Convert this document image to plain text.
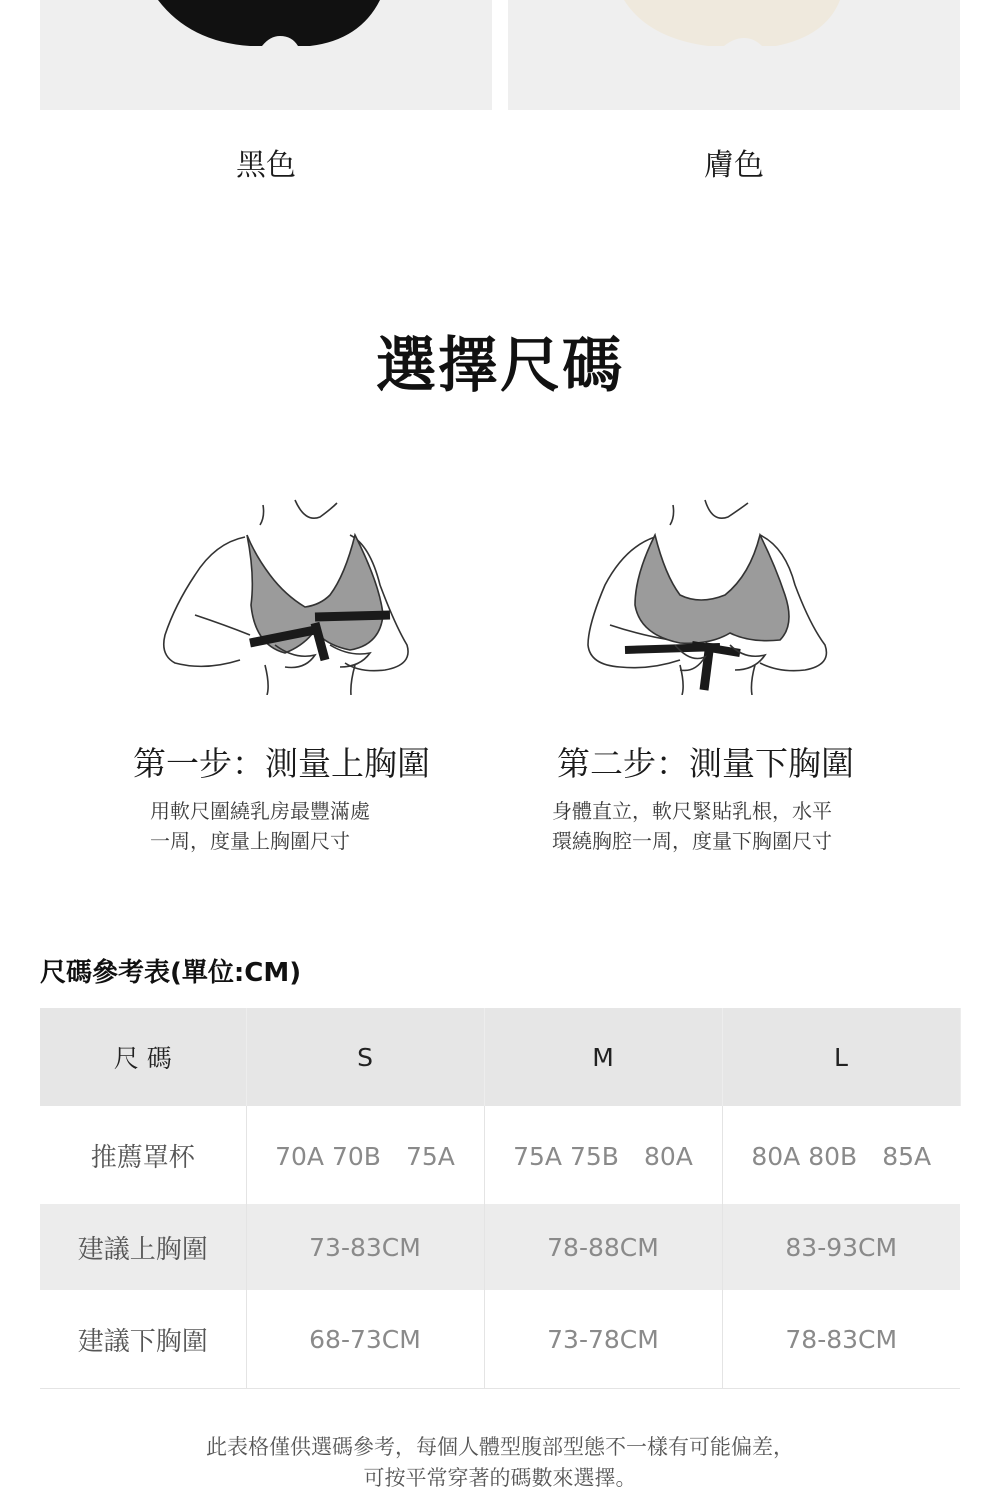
黑色	膚色
選擇尺碼
第一步：測量上胸圍
用軟尺圍繞乳房最豐滿處
一周，度量上胸圍尺寸
第二步：測量下胸圍
身體直立，軟尺緊貼乳根，水平
環繞胸腔一周，度量下胸圍尺寸
尺碼參考表(單位:CM)
尺 碼	S	M	L
推薦罩杯	70A 70B　75A	75A 75B　80A	80A 80B　85A
建議上胸圍	73-83CM	78-88CM	83-93CM
建議下胸圍	68-73CM	73-78CM	78-83CM
此表格僅供選碼參考，每個人體型腹部型態不一樣有可能偏差，
可按平常穿著的碼數來選擇。
